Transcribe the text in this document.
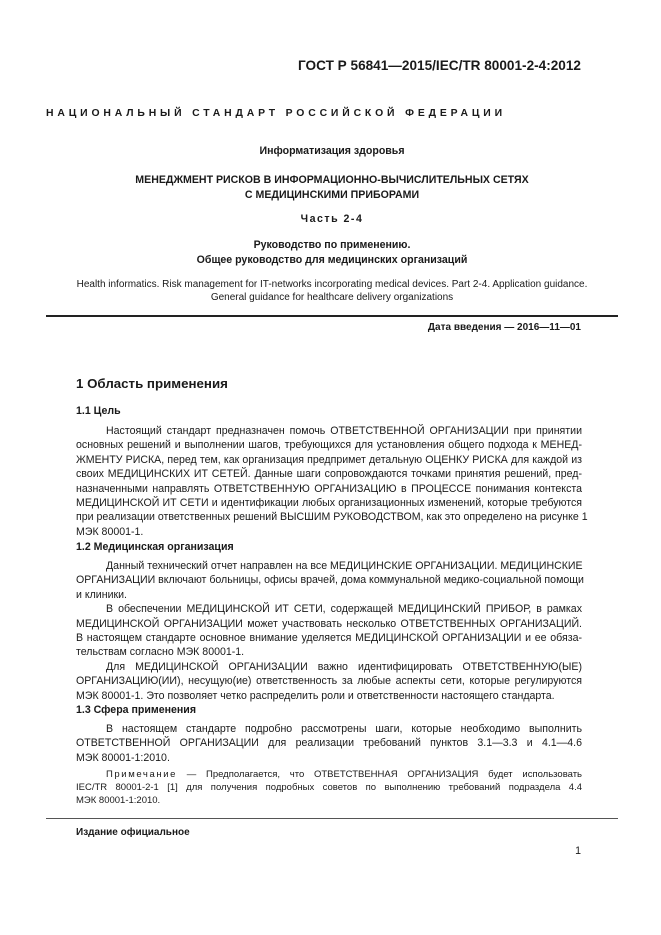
ГОСТ Р 56841—2015/IEC/TR 80001-2-4:2012
НАЦИОНАЛЬНЫЙ СТАНДАРТ РОССИЙСКОЙ ФЕДЕРАЦИИ
Информатизация здоровья
МЕНЕДЖМЕНТ РИСКОВ В ИНФОРМАЦИОННО-ВЫЧИСЛИТЕЛЬНЫХ СЕТЯХ
С МЕДИЦИНСКИМИ ПРИБОРАМИ
Часть 2-4
Руководство по применению.
Общее руководство для медицинских организаций
Health informatics. Risk management for IT-networks incorporating medical devices. Part 2-4. Application guidance.
General guidance for healthcare delivery organizations
Дата введения — 2016—11—01
1 Область применения
1.1 Цель
Настоящий стандарт предназначен помочь ОТВЕТСТВЕННОЙ ОРГАНИЗАЦИИ при принятии
основных решений и выполнении шагов, требующихся для установления общего подхода к МЕНЕД-
ЖМЕНТУ РИСКА, перед тем, как организация предпримет детальную ОЦЕНКУ РИСКА для каждой из
своих МЕДИЦИНСКИХ ИТ СЕТЕЙ. Данные шаги сопровождаются точками принятия решений, пред-
назначенными направлять ОТВЕТСТВЕННУЮ ОРГАНИЗАЦИЮ в ПРОЦЕССЕ понимания контекста
МЕДИЦИНСКОЙ ИТ СЕТИ и идентификации любых организационных изменений, которые требуются
при реализации ответственных решений ВЫСШИМ РУКОВОДСТВОМ, как это определено на рисунке 1
МЭК 80001-1.
1.2 Медицинская организация
Данный технический отчет направлен на все МЕДИЦИНСКИЕ ОРГАНИЗАЦИИ. МЕДИЦИНСКИЕ
ОРГАНИЗАЦИИ включают больницы, офисы врачей, дома коммунальной медико-социальной помощи
и клиники.
В обеспечении МЕДИЦИНСКОЙ ИТ СЕТИ, содержащей МЕДИЦИНСКИЙ ПРИБОР, в рамках
МЕДИЦИНСКОЙ ОРГАНИЗАЦИИ может участвовать несколько ОТВЕТСТВЕННЫХ ОРГАНИЗАЦИЙ.
В настоящем стандарте основное внимание уделяется МЕДИЦИНСКОЙ ОРГАНИЗАЦИИ и ее обяза-
тельствам согласно МЭК 80001-1.
Для МЕДИЦИНСКОЙ ОРГАНИЗАЦИИ важно идентифицировать ОТВЕТСТВЕННУЮ(ЫЕ)
ОРГАНИЗАЦИЮ(ИИ), несущую(ие) ответственность за любые аспекты сети, которые регулируются
МЭК 80001-1. Это позволяет четко распределить роли и ответственности настоящего стандарта.
1.3 Сфера применения
В настоящем стандарте подробно рассмотрены шаги, которые необходимо выполнить
ОТВЕТСТВЕННОЙ ОРГАНИЗАЦИИ для реализации требований пунктов 3.1—3.3 и 4.1—4.6
МЭК 80001-1:2010.
Примечание — Предполагается, что ОТВЕТСТВЕННАЯ ОРГАНИЗАЦИЯ будет использовать
IEC/TR 80001-2-1 [1] для получения подробных советов по выполнению требований подраздела 4.4
МЭК 80001-1:2010.
Издание официальное
1
